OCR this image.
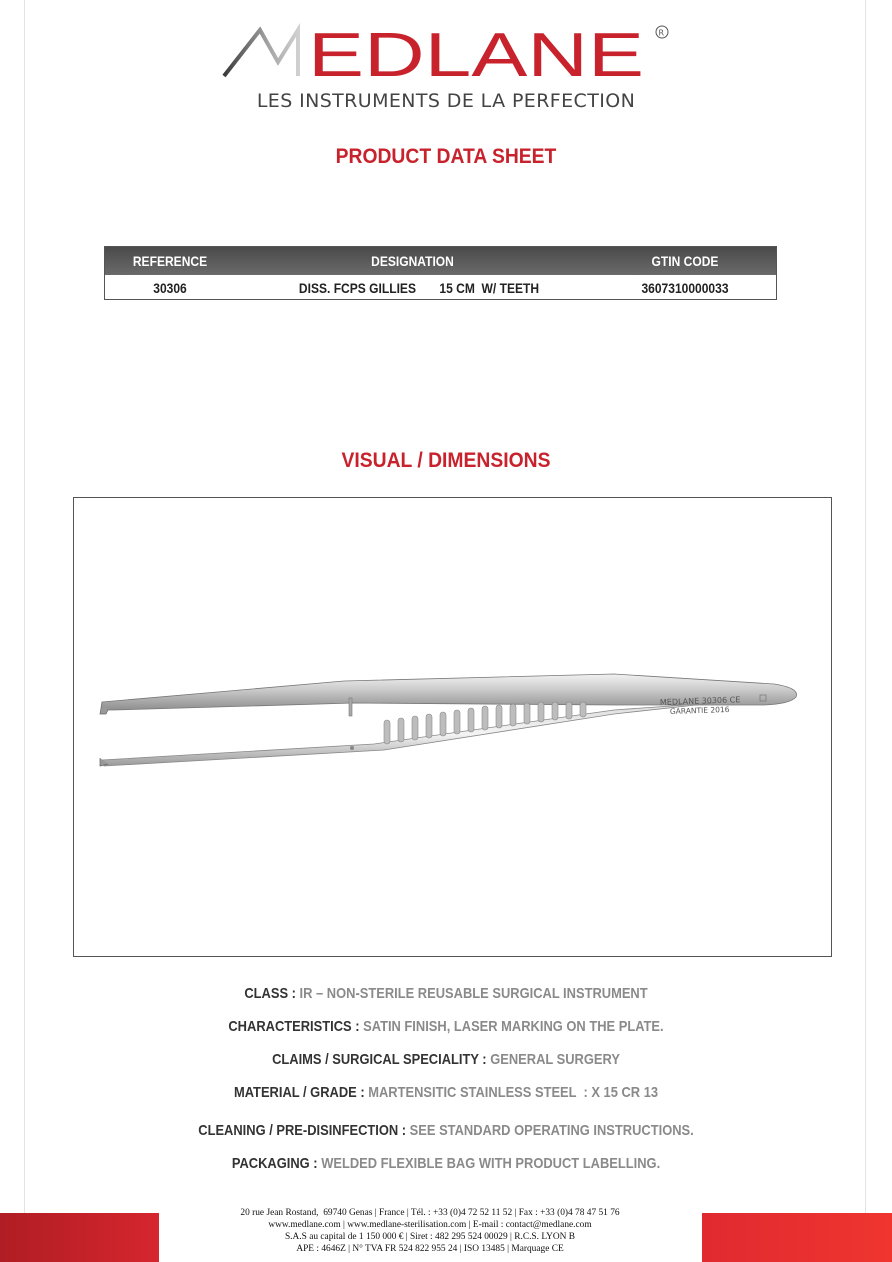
EDLANE R
LES INSTRUMENTS DE LA PERFECTION
PRODUCT DATA SHEET
REFERENCE	DESIGNATION	GTIN CODE
30306	DISS. FCPS GILLIES       15 CM  W/ TEETH	3607310000033
VISUAL / DIMENSIONS
MEDLANE 30306 CE
GARANTIE 2016
CLASS : IR – NON-STERILE REUSABLE SURGICAL INSTRUMENT
CHARACTERISTICS : SATIN FINISH, LASER MARKING ON THE PLATE.
CLAIMS / SURGICAL SPECIALITY : GENERAL SURGERY
MATERIAL / GRADE : MARTENSITIC STAINLESS STEEL  : X 15 CR 13
CLEANING / PRE-DISINFECTION : SEE STANDARD OPERATING INSTRUCTIONS.
PACKAGING : WELDED FLEXIBLE BAG WITH PRODUCT LABELLING.
20 rue Jean Rostand,  69740 Genas | France | Tél. : +33 (0)4 72 52 11 52 | Fax : +33 (0)4 78 47 51 76
www.medlane.com | www.medlane-sterilisation.com | E-mail : contact@medlane.com
S.A.S au capital de 1 150 000 € | Siret : 482 295 524 00029 | R.C.S. LYON B
APE : 4646Z | N° TVA FR 524 822 955 24 | ISO 13485 | Marquage CE
